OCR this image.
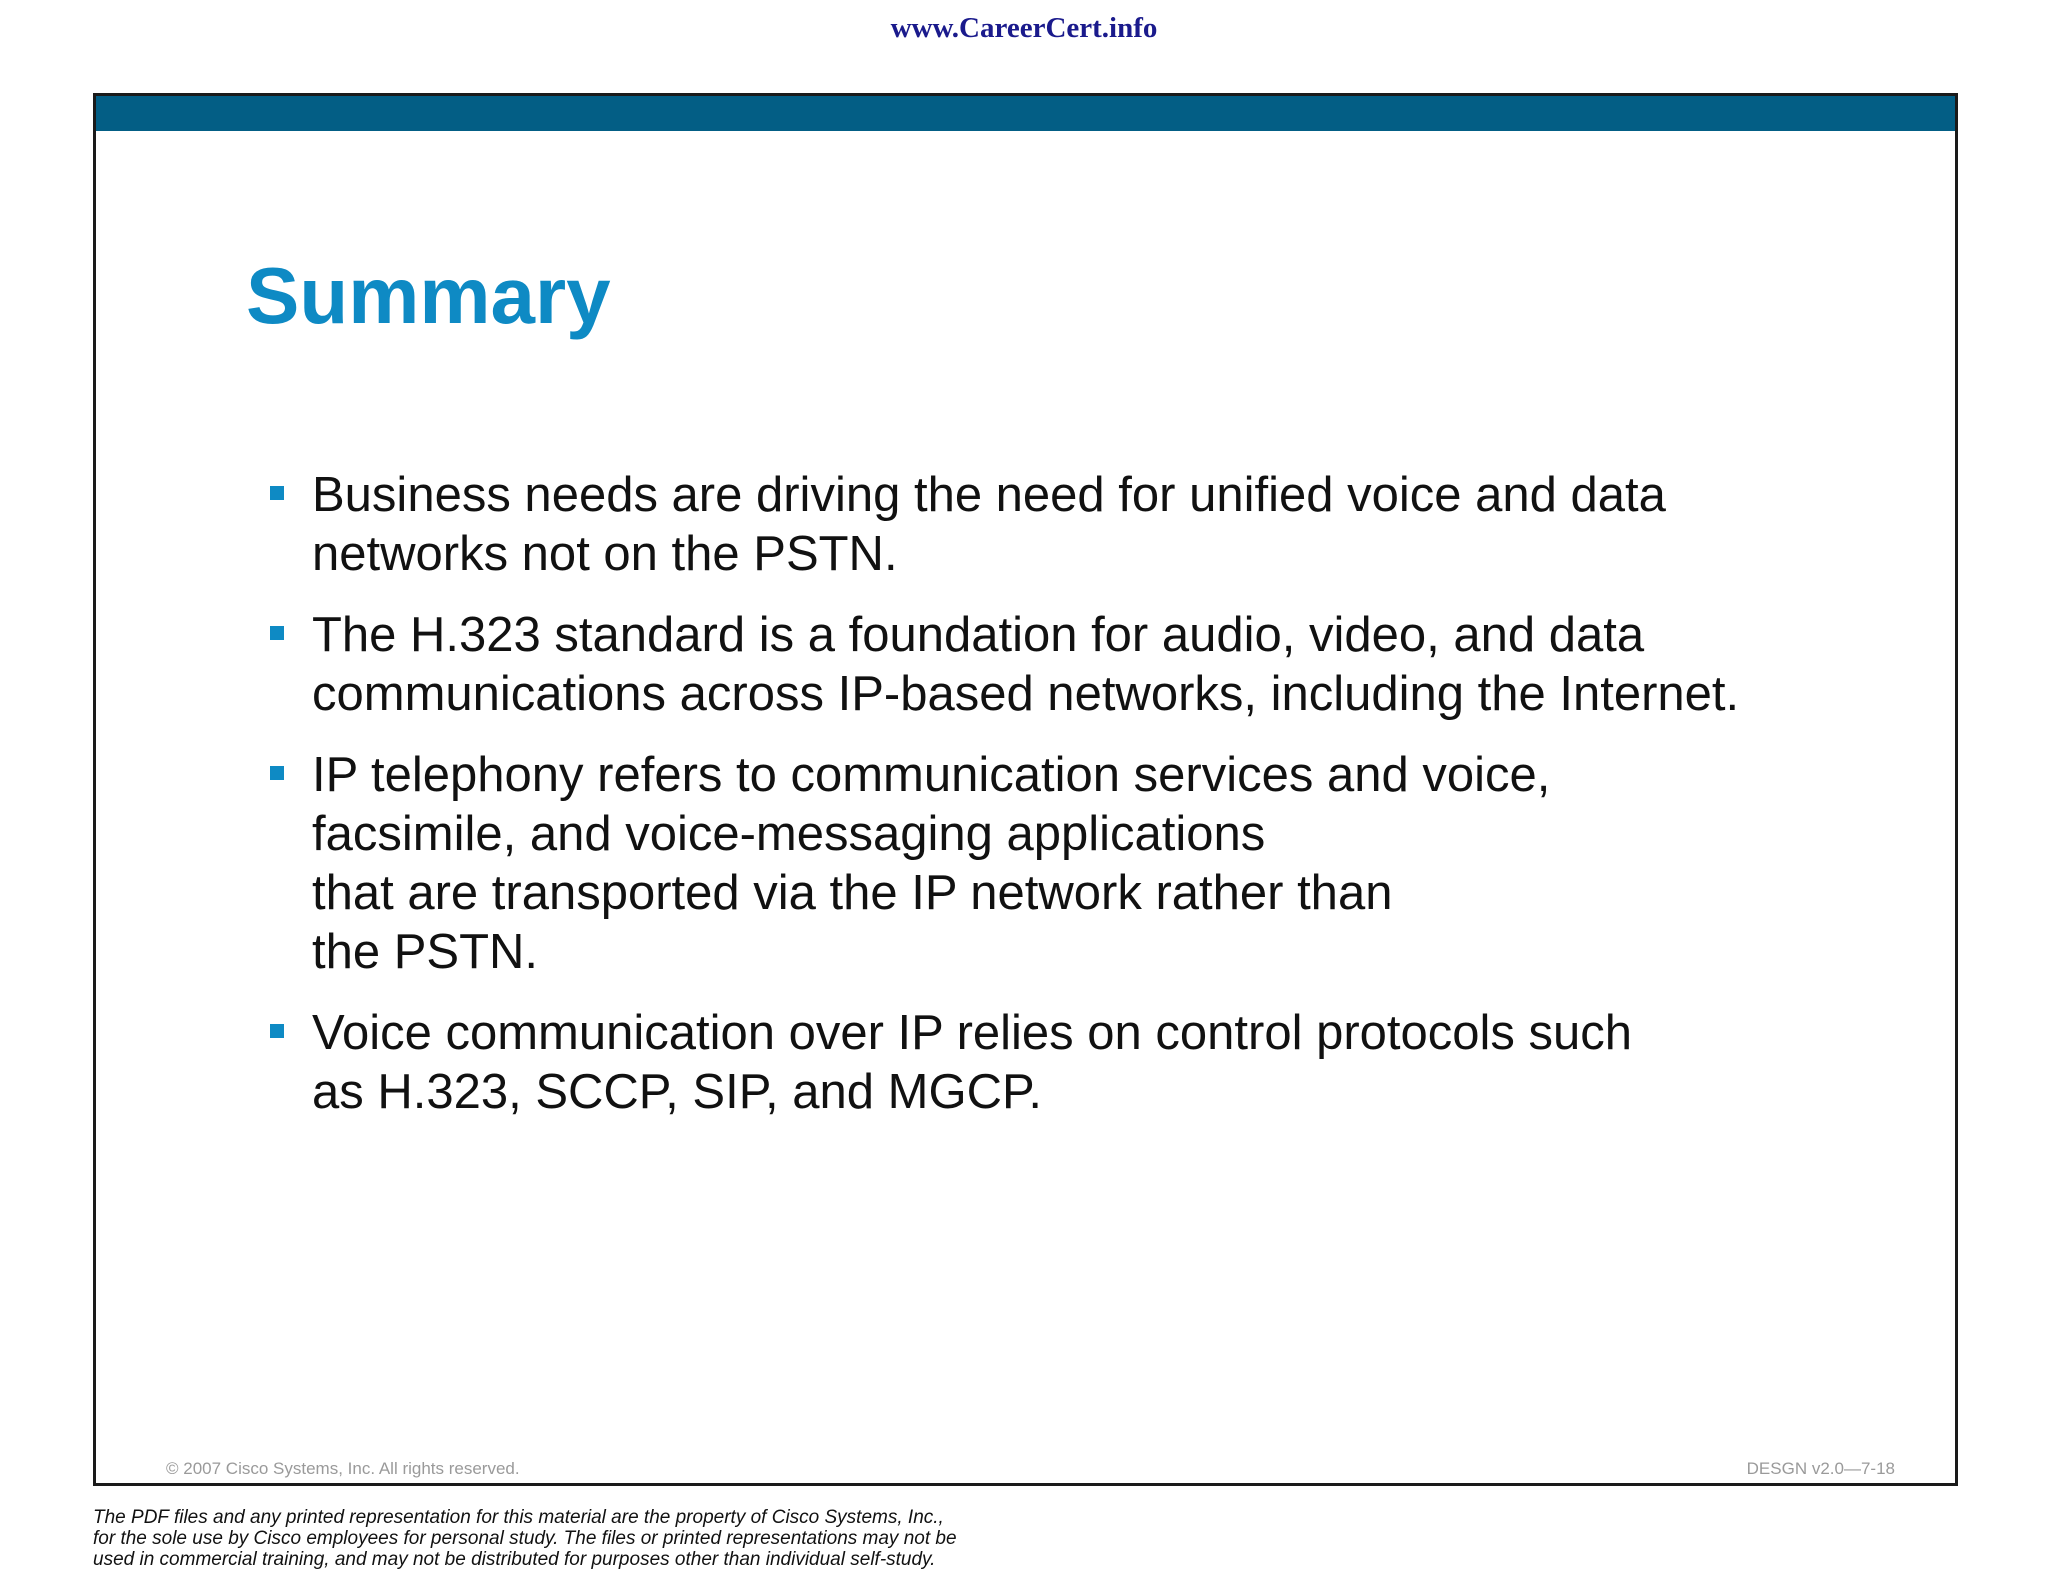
www.CareerCert.info
Summary
Business needs are driving the need for unified voice and data
networks not on the PSTN.
The H.323 standard is a foundation for audio, video, and data
communications across IP-based networks, including the Internet.
IP telephony refers to communication services and voice,
facsimile, and voice-messaging applications
that are transported via the IP network rather than
the PSTN.
Voice communication over IP relies on control protocols such
as H.323, SCCP, SIP, and MGCP.
© 2007 Cisco Systems, Inc. All rights reserved.	DESGN v2.0—7-18
The PDF files and any printed representation for this material are the property of Cisco Systems, Inc.,
for the sole use by Cisco employees for personal study. The files or printed representations may not be
used in commercial training, and may not be distributed for purposes other than individual self-study.
